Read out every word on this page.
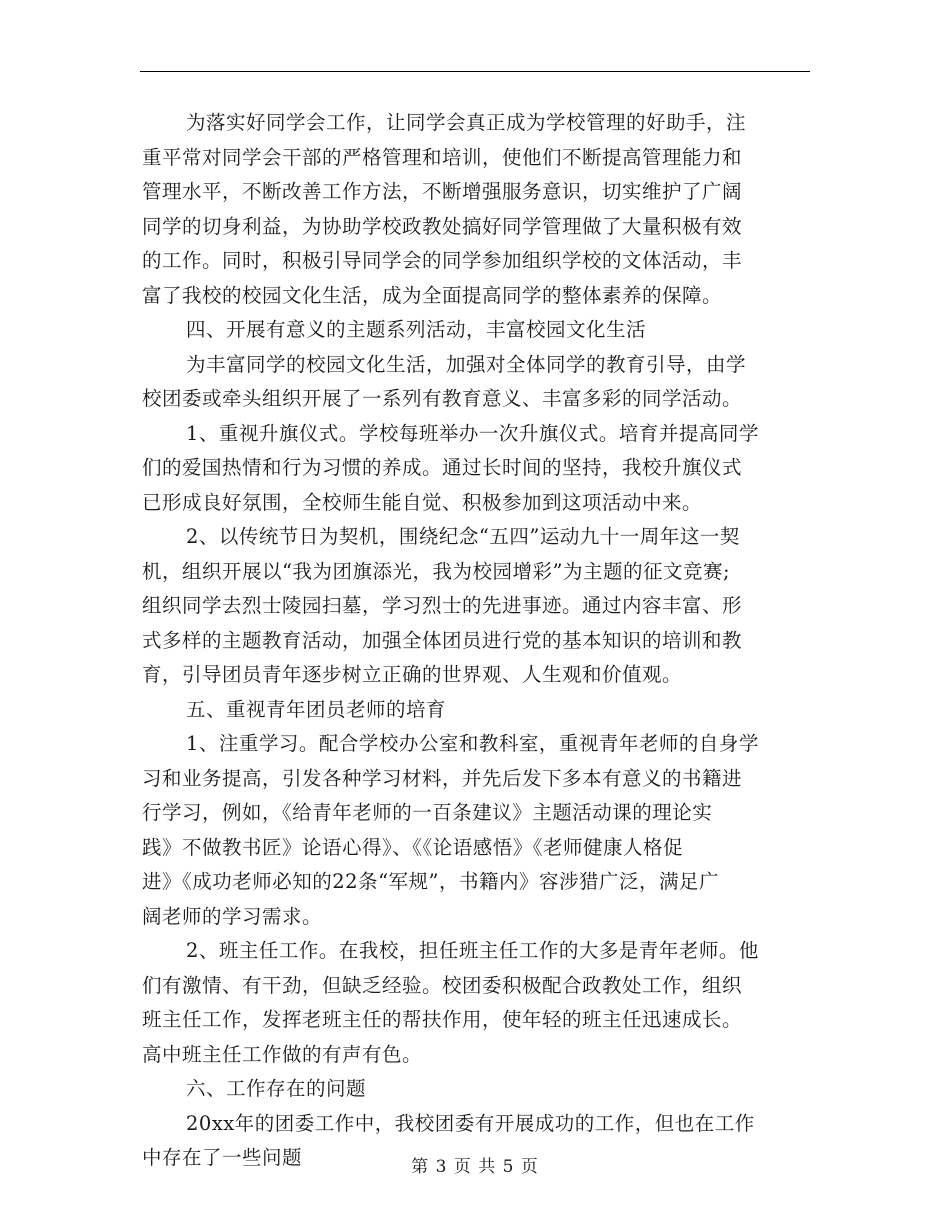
为落实好同学会工作，让同学会真正成为学校管理的好助手，注
重平常对同学会干部的严格管理和培训，使他们不断提高管理能力和
管理水平，不断改善工作方法，不断增强服务意识，切实维护了广阔
同学的切身利益，为协助学校政教处搞好同学管理做了大量积极有效
的工作。同时，积极引导同学会的同学参加组织学校的文体活动，丰
富了我校的校园文化生活，成为全面提高同学的整体素养的保障。
四、开展有意义的主题系列活动，丰富校园文化生活
为丰富同学的校园文化生活，加强对全体同学的教育引导，由学
校团委或牵头组织开展了一系列有教育意义、丰富多彩的同学活动。
1、重视升旗仪式。学校每班举办一次升旗仪式。培育并提高同学
们的爱国热情和行为习惯的养成。通过长时间的坚持，我校升旗仪式
已形成良好氛围，全校师生能自觉、积极参加到这项活动中来。
2、以传统节日为契机，围绕纪念“五四”运动九十一周年这一契
机，组织开展以“我为团旗添光，我为校园增彩”为主题的征文竞赛;
组织同学去烈士陵园扫墓，学习烈士的先进事迹。通过内容丰富、形
式多样的主题教育活动，加强全体团员进行党的基本知识的培训和教
育，引导团员青年逐步树立正确的世界观、人生观和价值观。
五、重视青年团员老师的培育
1、注重学习。配合学校办公室和教科室，重视青年老师的自身学
习和业务提高，引发各种学习材料，并先后发下多本有意义的书籍进
行学习，例如，《给青年老师的一百条建议》主题活动课的理论实
践》不做教书匠》论语心得》、《《论语感悟》《老师健康人格促
进》《成功老师必知的22条“军规”，书籍内》容涉猎广泛，满足广
阔老师的学习需求。
2、班主任工作。在我校，担任班主任工作的大多是青年老师。他
们有激情、有干劲，但缺乏经验。校团委积极配合政教处工作，组织
班主任工作，发挥老班主任的帮扶作用，使年轻的班主任迅速成长。
高中班主任工作做的有声有色。
六、工作存在的问题
20xx年的团委工作中，我校团委有开展成功的工作，但也在工作
中存在了一些问题	第 3 页 共 5 页
